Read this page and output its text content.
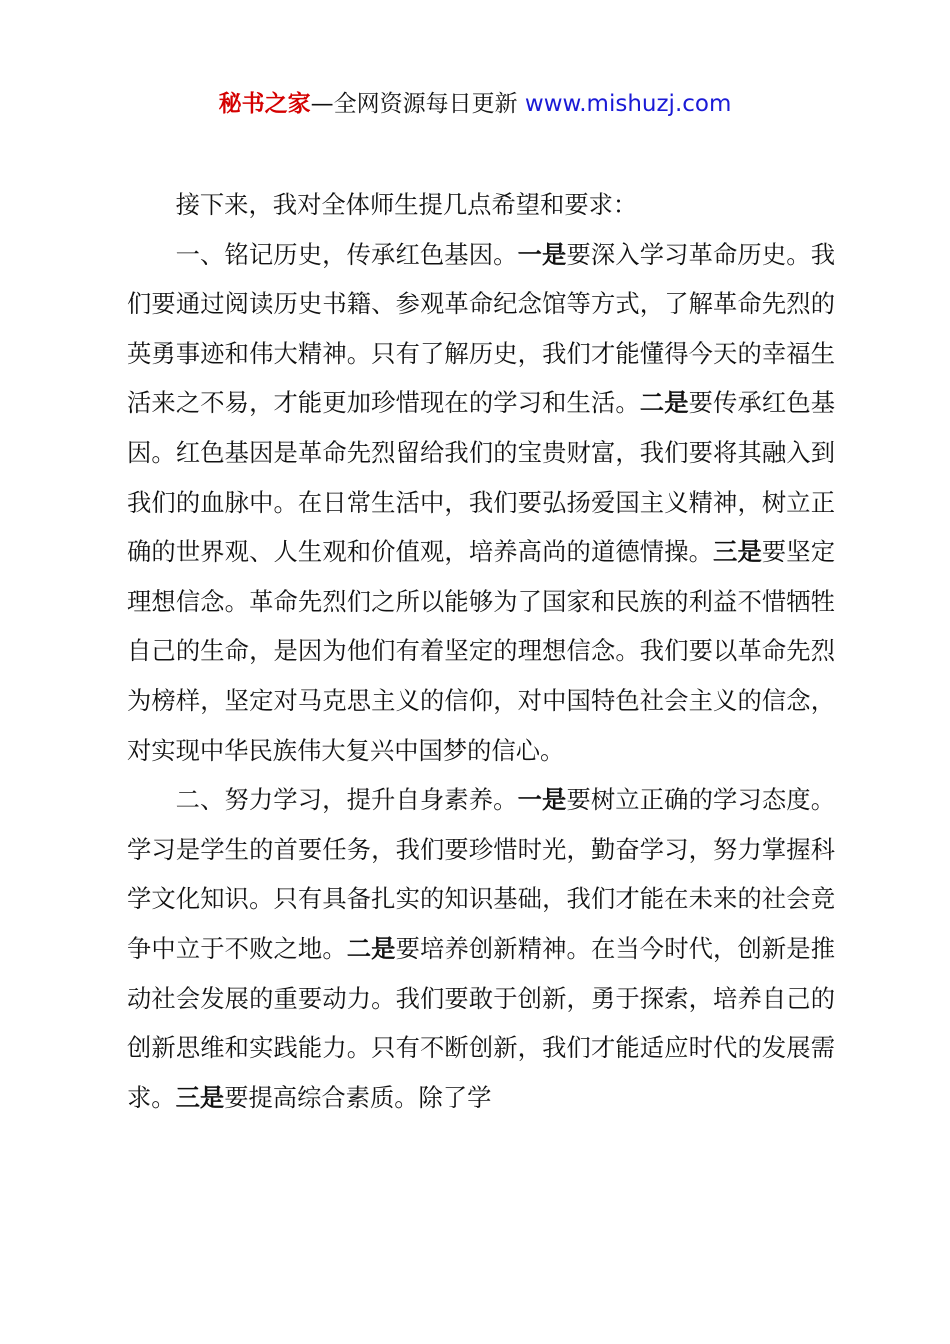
秘书之家—全网资源每日更新 www.mishuzj.com

接下来，我对全体师生提几点希望和要求：

一、铭记历史，传承红色基因。一是要深入学习革命历史。我们要通过阅读历史书籍、参观革命纪念馆等方式，了解革命先烈的英勇事迹和伟大精神。只有了解历史，我们才能懂得今天的幸福生活来之不易，才能更加珍惜现在的学习和生活。二是要传承红色基因。红色基因是革命先烈留给我们的宝贵财富，我们要将其融入到我们的血脉中。在日常生活中，我们要弘扬爱国主义精神，树立正确的世界观、人生观和价值观，培养高尚的道德情操。三是要坚定理想信念。革命先烈们之所以能够为了国家和民族的利益不惜牺牲自己的生命，是因为他们有着坚定的理想信念。我们要以革命先烈为榜样，坚定对马克思主义的信仰，对中国特色社会主义的信念，对实现中华民族伟大复兴中国梦的信心。

二、努力学习，提升自身素养。一是要树立正确的学习态度。学习是学生的首要任务，我们要珍惜时光，勤奋学习，努力掌握科学文化知识。只有具备扎实的知识基础，我们才能在未来的社会竞争中立于不败之地。二是要培养创新精神。在当今时代，创新是推动社会发展的重要动力。我们要敢于创新，勇于探索，培养自己的创新思维和实践能力。只有不断创新，我们才能适应时代的发展需求。三是要提高综合素质。除了学
